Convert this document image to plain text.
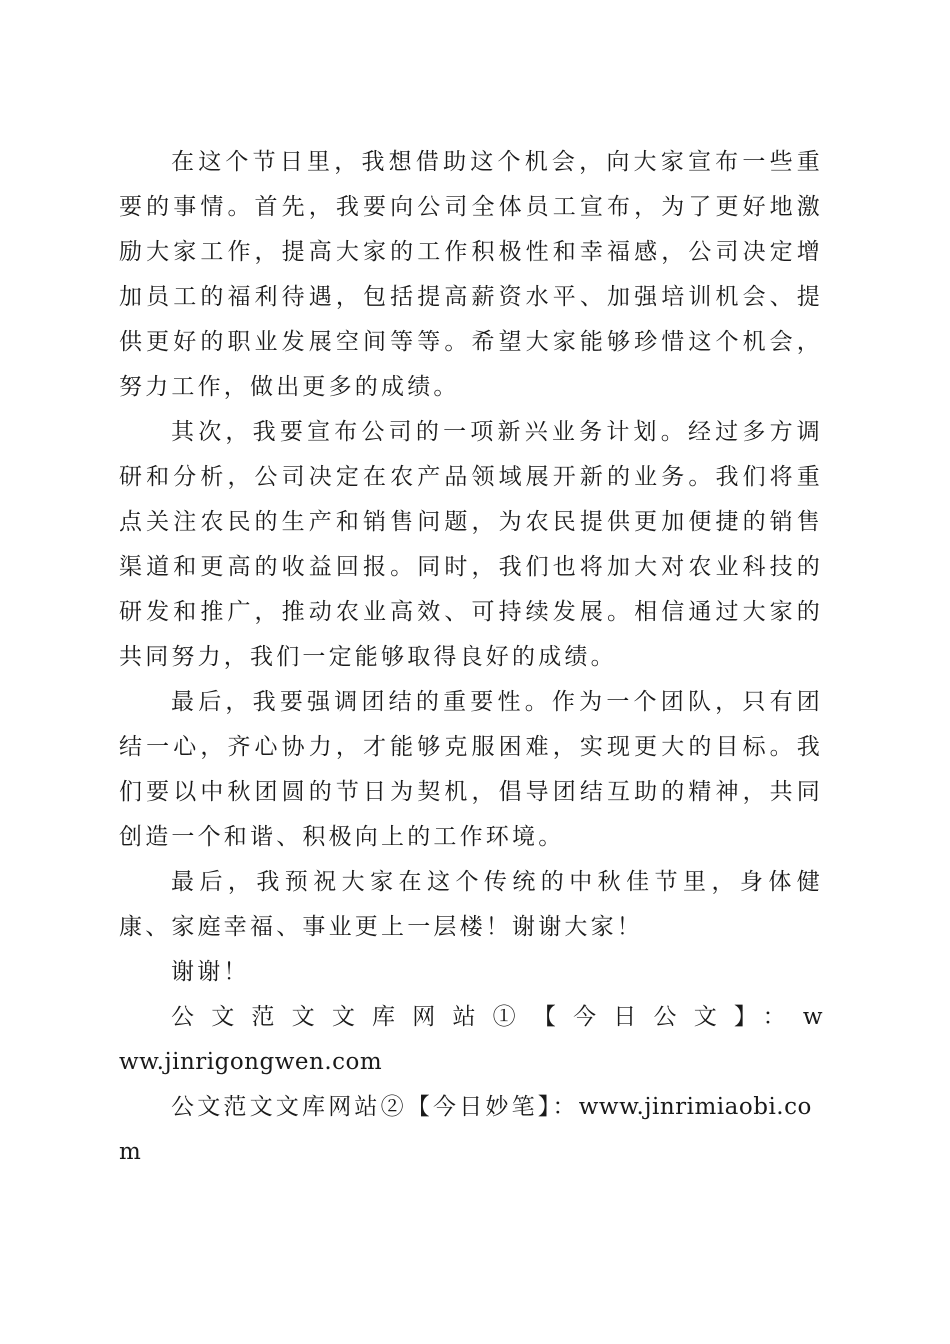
在这个节日里，我想借助这个机会，向大家宣布一些重要的事情。首先，我要向公司全体员工宣布，为了更好地激励大家工作，提高大家的工作积极性和幸福感，公司决定增加员工的福利待遇，包括提高薪资水平、加强培训机会、提供更好的职业发展空间等等。希望大家能够珍惜这个机会，努力工作，做出更多的成绩。

其次，我要宣布公司的一项新兴业务计划。经过多方调研和分析，公司决定在农产品领域展开新的业务。我们将重点关注农民的生产和销售问题，为农民提供更加便捷的销售渠道和更高的收益回报。同时，我们也将加大对农业科技的研发和推广，推动农业高效、可持续发展。相信通过大家的共同努力，我们一定能够取得良好的成绩。

最后，我要强调团结的重要性。作为一个团队，只有团结一心，齐心协力，才能够克服困难，实现更大的目标。我们要以中秋团圆的节日为契机，倡导团结互助的精神，共同创造一个和谐、积极向上的工作环境。

最后，我预祝大家在这个传统的中秋佳节里，身体健康、家庭幸福、事业更上一层楼！谢谢大家！

谢谢！

公文范文文库网站①【今日公文】：www.jinrigongwen.com

公文范文文库网站②【今日妙笔】：www.jinrimiaobi.com
